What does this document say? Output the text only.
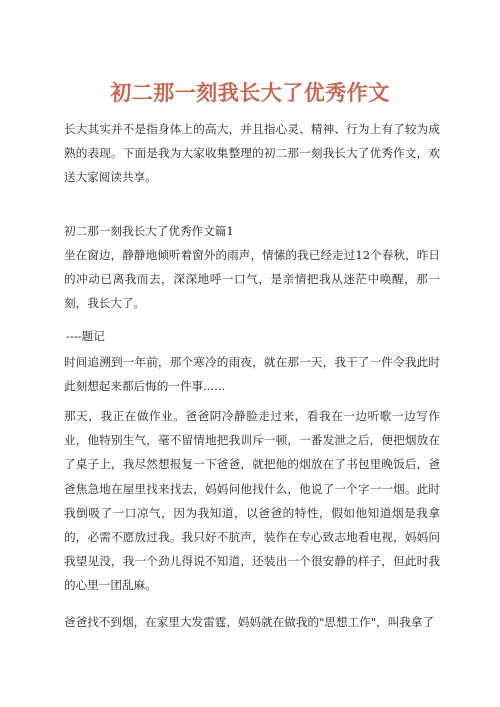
初二那一刻我长大了优秀作文

长大其实并不是指身体上的高大，并且指心灵、精神、行为上有了较为成熟的表现。下面是我为大家收集整理的初二那一刻我长大了优秀作文，欢送大家阅读共享。

初二那一刻我长大了优秀作文篇1

坐在窗边，静静地倾听着窗外的雨声，情愫的我已经走过12个春秋，昨日的冲动已离我而去，深深地呼一口气，是亲情把我从迷茫中唤醒，那一刻，我长大了。

----题记

时间追溯到一年前，那个寒冷的雨夜，就在那一天，我干了一件令我此时此刻想起来都后悔的一件事......

那天，我正在做作业。爸爸阴冷静脸走过来，看我在一边听歌一边写作业，他特别生气，毫不留情地把我训斥一顿，一番发泄之后，便把烟放在了桌子上，我尽然想报复一下爸爸，就把他的烟放在了书包里晚饭后，爸爸焦急地在屋里找来找去，妈妈问他找什么，他说了一个字一一烟。此时我倒吸了一口凉气，因为我知道，以爸爸的特性，假如他知道烟是我拿的，必需不愿放过我。我只好不肮声，装作在专心致志地看电视，妈妈问我望见没，我一个劲儿得说不知道，还装出一个很安静的样子，但此时我的心里一团乱麻。

爸爸找不到烟，在家里大发雷霆，妈妈就在做我的"思想工作"，叫我拿了
